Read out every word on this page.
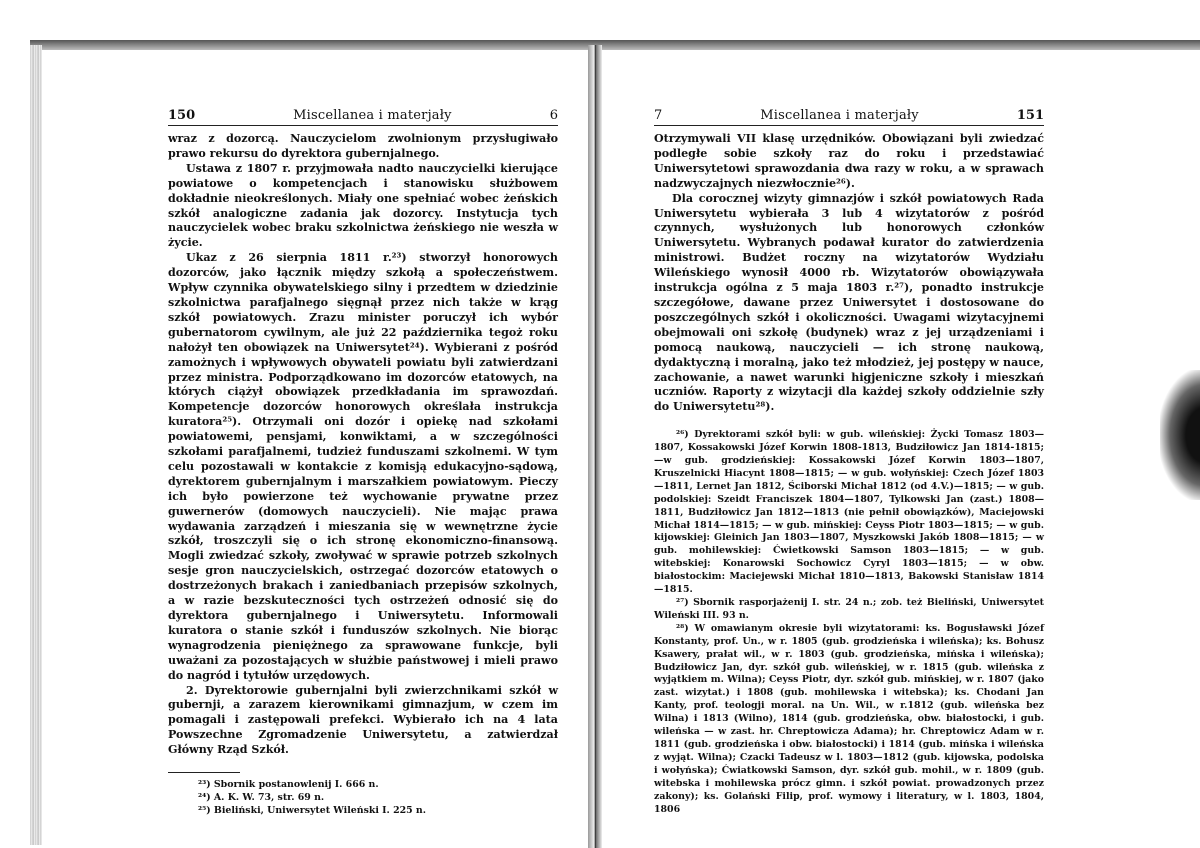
150	Miscellanea i materjały	6

wraz z dozorcą. Nauczycielom zwolnionym przysługiwało prawo rekursu do dyrektora gubernjalnego.

Ustawa z 1807 r. przyjmowała nadto nauczycielki kierujące powiatowe o kompetencjach i stanowisku służbowem dokładnie nieokreślonych. Miały one spełniać wobec żeńskich szkół analogiczne zadania jak dozorcy. Instytucja tych nauczycielek wobec braku szkolnictwa żeńskiego nie weszła w życie.

Ukaz z 26 sierpnia 1811 r.²³) stworzył honorowych dozorców, jako łącznik między szkołą a społeczeństwem. Wpływ czynnika obywatelskiego silny i przedtem w dziedzinie szkolnictwa parafjalnego sięgnął przez nich także w krąg szkół powiatowych. Zrazu minister poruczył ich wybór gubernatorom cywilnym, ale już 22 października tegoż roku nałożył ten obowiązek na Uniwersytet²⁴). Wybierani z pośród zamożnych i wpływowych obywateli powiatu byli zatwierdzani przez ministra. Podporządkowano im dozorców etatowych, na których ciążył obowiązek przedkładania im sprawozdań. Kompetencje dozorców honorowych określała instrukcja kuratora²⁵). Otrzymali oni dozór i opiekę nad szkołami powiatowemi, pensjami, konwiktami, a w szczególności szkołami parafjalnemi, tudzież funduszami szkolnemi. W tym celu pozostawali w kontakcie z komisją edukacyjno-sądową, dyrektorem gubernjalnym i marszałkiem powiatowym. Pieczy ich było powierzone też wychowanie prywatne przez guwernerów (domowych nauczycieli). Nie mając prawa wydawania zarządzeń i mieszania się w wewnętrzne życie szkół, troszczyli się o ich stronę ekonomiczno-finansową. Mogli zwiedzać szkoły, zwoływać w sprawie potrzeb szkolnych sesje gron nauczycielskich, ostrzegać dozorców etatowych o dostrzeżonych brakach i zaniedbaniach przepisów szkolnych, a w razie bezskuteczności tych ostrzeżeń odnosić się do dyrektora gubernjalnego i Uniwersytetu. Informowali kuratora o stanie szkół i funduszów szkolnych. Nie biorąc wynagrodzenia pieniężnego za sprawowane funkcje, byli uważani za pozostających w służbie państwowej i mieli prawo do nagród i tytułów urzędowych.

2. Dyrektorowie gubernjalni byli zwierzchnikami szkół w gubernji, a zarazem kierownikami gimnazjum, w czem im pomagali i zastępowali prefekci. Wybierało ich na 4 lata Powszechne Zgromadzenie Uniwersytetu, a zatwierdzał Główny Rząd Szkół.

²³) Sbornik postanowlenij I. 666 n.

²⁴) A. K. W. 73, str. 69 n.

²⁵) Bieliński, Uniwersytet Wileński I. 225 n.

7	Miscellanea i materjały	151

Otrzymywali VII klasę urzędników. Obowiązani byli zwiedzać podległe sobie szkoły raz do roku i przedstawiać Uniwersytetowi sprawozdania dwa razy w roku, a w sprawach nadzwyczajnych niezwłocznie²⁶).

Dla corocznej wizyty gimnazjów i szkół powiatowych Rada Uniwersytetu wybierała 3 lub 4 wizytatorów z pośród czynnych, wysłużonych lub honorowych członków Uniwersytetu. Wybranych podawał kurator do zatwierdzenia ministrowi. Budżet roczny na wizytatorów Wydziału Wileńskiego wynosił 4000 rb. Wizytatorów obowiązywała instrukcja ogólna z 5 maja 1803 r.²⁷), ponadto instrukcje szczegółowe, dawane przez Uniwersytet i dostosowane do poszczególnych szkół i okoliczności. Uwagami wizytacyjnemi obejmowali oni szkołę (budynek) wraz z jej urządzeniami i pomocą naukową, nauczycieli — ich stronę naukową, dydaktyczną i moralną, jako też młodzież, jej postępy w nauce, zachowanie, a nawet warunki higjeniczne szkoły i mieszkań uczniów. Raporty z wizytacji dla każdej szkoły oddzielnie szły do Uniwersytetu²⁸).

²⁶) Dyrektorami szkół byli: w gub. wileńskiej: Życki Tomasz 1803—1807, Kossakowski Józef Korwin 1808-1813, Budziłowicz Jan 1814-1815;—w gub. grodzieńskiej: Kossakowski Józef Korwin 1803—1807, Kruszelnicki Hiacynt 1808—1815; — w gub. wołyńskiej: Czech Józef 1803—1811, Lernet Jan 1812, Ściborski Michał 1812 (od 4.V.)—1815; — w gub. podolskiej: Szeidt Franciszek 1804—1807, Tylkowski Jan (zast.) 1808—1811, Budziłowicz Jan 1812—1813 (nie pełnił obowiązków), Maciejowski Michał 1814—1815; — w gub. mińskiej: Ceyss Piotr 1803—1815; — w gub. kijowskiej: Gleinich Jan 1803—1807, Myszkowski Jakób 1808—1815; — w gub. mohilewskiej: Ćwietkowski Samson 1803—1815; — w gub. witebskiej: Konarowski Sochowicz Cyryl 1803—1815; — w obw. białostockim: Maciejewski Michał 1810—1813, Bakowski Stanisław 1814—1815.

²⁷) Sbornik rasporjażenij I. str. 24 n.; zob. też Bieliński, Uniwersytet Wileński III. 93 n.

²⁸) W omawianym okresie byli wizytatorami: ks. Bogusławski Józef Konstanty, prof. Un., w r. 1805 (gub. grodzieńska i wileńska); ks. Bohusz Ksawery, prałat wil., w r. 1803 (gub. grodzieńska, mińska i wileńska); Budziłowicz Jan, dyr. szkół gub. wileńskiej, w r. 1815 (gub. wileńska z wyjątkiem m. Wilna); Ceyss Piotr, dyr. szkół gub. mińskiej, w r. 1807 (jako zast. wizytat.) i 1808 (gub. mohilewska i witebska); ks. Chodani Jan Kanty, prof. teologji moral. na Un. Wil., w r.1812 (gub. wileńska bez Wilna) i 1813 (Wilno), 1814 (gub. grodzieńska, obw. białostocki, i gub. wileńska — w zast. hr. Chreptowicza Adama); hr. Chreptowicz Adam w r. 1811 (gub. grodzieńska i obw. białostocki) i 1814 (gub. mińska i wileńska z wyjąt. Wilna); Czacki Tadeusz w l. 1803—1812 (gub. kijowska, podolska i wołyńska); Ćwiatkowski Samson, dyr. szkół gub. mohil., w r. 1809 (gub. witebska i mohilewska prócz gimn. i szkół powiat. prowadzonych przez zakony); ks. Golański Filip, prof. wymowy i literatury, w l. 1803, 1804, 1806
